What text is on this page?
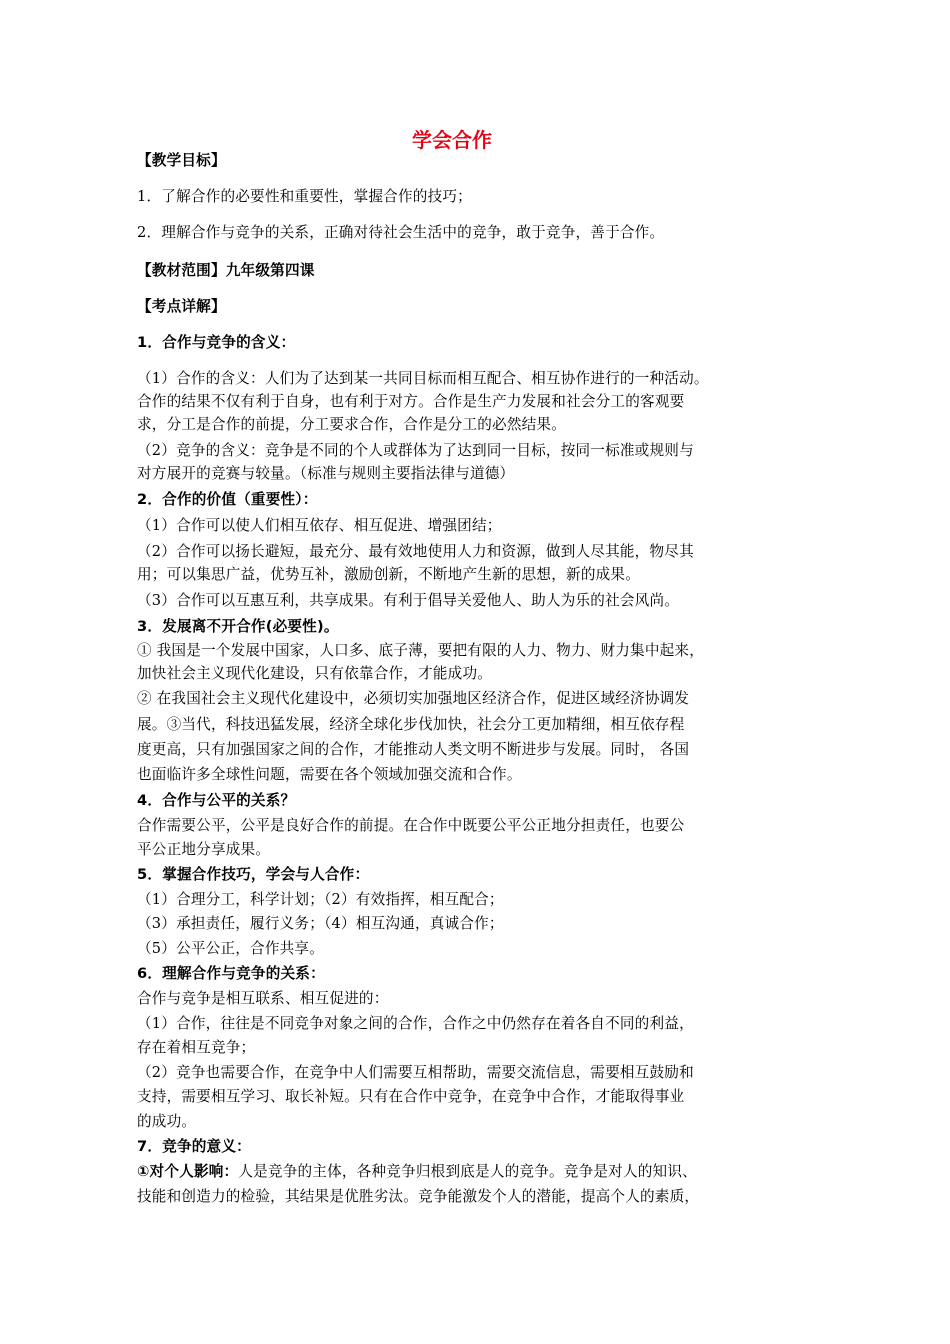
学会合作
【教学目标】
1．了解合作的必要性和重要性，掌握合作的技巧；
2．理解合作与竞争的关系，正确对待社会生活中的竞争，敢于竞争，善于合作。
【教材范围】九年级第四课
【考点详解】
1．合作与竞争的含义：
（1）合作的含义：人们为了达到某一共同目标而相互配合、相互协作进行的一种活动。
合作的结果不仅有利于自身，也有利于对方。合作是生产力发展和社会分工的客观要
求，分工是合作的前提，分工要求合作，合作是分工的必然结果。
（2）竞争的含义：竞争是不同的个人或群体为了达到同一目标，按同一标准或规则与
对方展开的竞赛与较量。（标准与规则主要指法律与道德）
2．合作的价值（重要性）：
（1）合作可以使人们相互依存、相互促进、增强团结；
（2）合作可以扬长避短，最充分、最有效地使用人力和资源，做到人尽其能，物尽其
用；可以集思广益，优势互补，激励创新，不断地产生新的思想，新的成果。
（3）合作可以互惠互利，共享成果。有利于倡导关爱他人、助人为乐的社会风尚。
3．发展离不开合作(必要性)。
① 我国是一个发展中国家，人口多、底子薄，要把有限的人力、物力、财力集中起来，
加快社会主义现代化建设，只有依靠合作，才能成功。
② 在我国社会主义现代化建设中，必须切实加强地区经济合作，促进区域经济协调发
展。③当代，科技迅猛发展，经济全球化步伐加快，社会分工更加精细，相互依存程
度更高，只有加强国家之间的合作，才能推动人类文明不断进步与发展。同时， 各国
也面临许多全球性问题，需要在各个领域加强交流和合作。
4．合作与公平的关系？
合作需要公平，公平是良好合作的前提。在合作中既要公平公正地分担责任，也要公
平公正地分享成果。
5．掌握合作技巧，学会与人合作：
（1）合理分工，科学计划；（2）有效指挥，相互配合；
（3）承担责任，履行义务；（4）相互沟通，真诚合作；
（5）公平公正，合作共享。
6．理解合作与竞争的关系：
合作与竞争是相互联系、相互促进的：
（1）合作，往往是不同竞争对象之间的合作，合作之中仍然存在着各自不同的利益，
存在着相互竞争；
（2）竞争也需要合作，在竞争中人们需要互相帮助，需要交流信息，需要相互鼓励和
支持，需要相互学习、取长补短。只有在合作中竞争，在竞争中合作，才能取得事业
的成功。
7．竞争的意义：
①对个人影响：人是竞争的主体，各种竞争归根到底是人的竞争。竞争是对人的知识、
技能和创造力的检验，其结果是优胜劣汰。竞争能激发个人的潜能，提高个人的素质，
